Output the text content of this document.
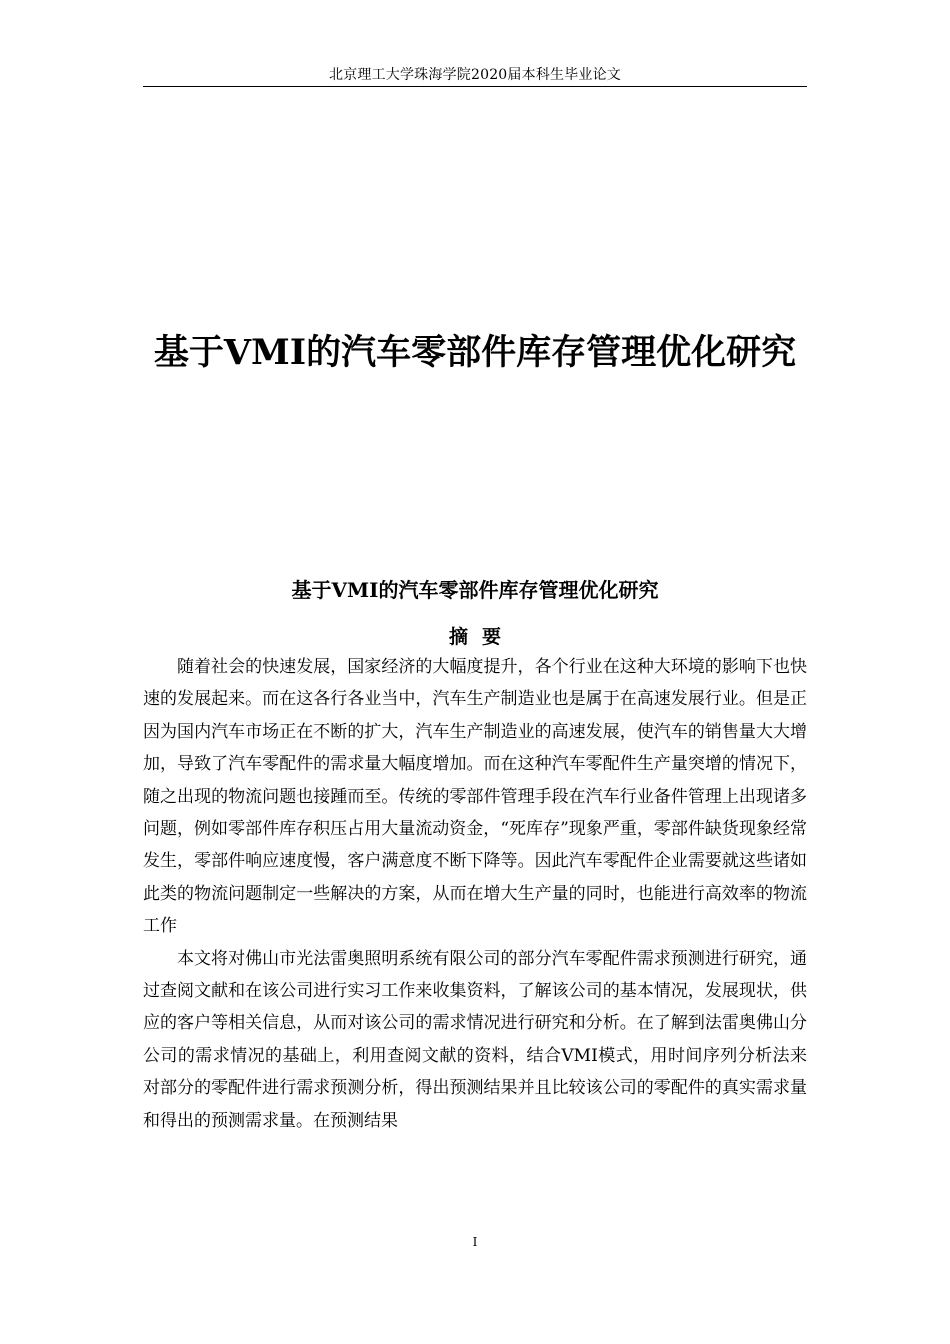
北京理工大学珠海学院2020届本科生毕业论文
基于VMI的汽车零部件库存管理优化研究
基于VMI的汽车零部件库存管理优化研究
摘要

随着社会的快速发展，国家经济的大幅度提升，各个行业在这种大环境的影响下也快速的发展起来。而在这各行各业当中，汽车生产制造业也是属于在高速发展行业。但是正因为国内汽车市场正在不断的扩大，汽车生产制造业的高速发展，使汽车的销售量大大增加，导致了汽车零配件的需求量大幅度增加。而在这种汽车零配件生产量突增的情况下，随之出现的物流问题也接踵而至。传统的零部件管理手段在汽车行业备件管理上出现诸多问题，例如零部件库存积压占用大量流动资金，“死库存”现象严重，零部件缺货现象经常发生，零部件响应速度慢，客户满意度不断下降等。因此汽车零配件企业需要就这些诸如此类的物流问题制定一些解决的方案，从而在增大生产量的同时，也能进行高效率的物流工作

本文将对佛山市光法雷奥照明系统有限公司的部分汽车零配件需求预测进行研究，通过查阅文献和在该公司进行实习工作来收集资料，了解该公司的基本情况，发展现状，供应的客户等相关信息，从而对该公司的需求情况进行研究和分析。在了解到法雷奥佛山分公司的需求情况的基础上，利用查阅文献的资料，结合VMI模式，用时间序列分析法来对部分的零配件进行需求预测分析，得出预测结果并且比较该公司的零配件的真实需求量和得出的预测需求量。在预测结果

I
